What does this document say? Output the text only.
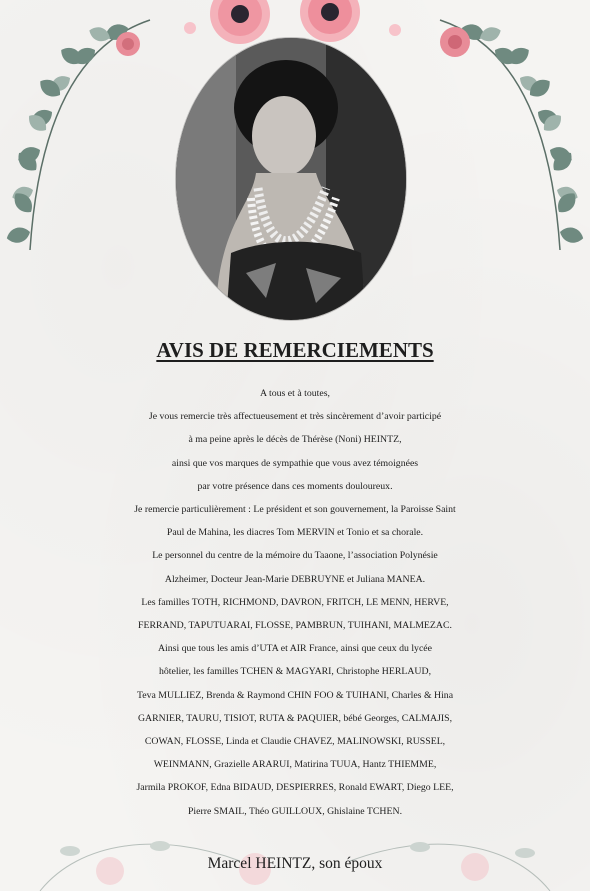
AVIS DE REMERCIEMENTS
A tous et à toutes,
Je vous remercie très affectueusement et très sincèrement d’avoir participé
à ma peine après le décès de Thérèse (Noni) HEINTZ,
ainsi que vos marques de sympathie que vous avez témoignées
par votre présence dans ces moments douloureux.
Je remercie particulièrement : Le président et son gouvernement, la Paroisse Saint
Paul de Mahina, les diacres Tom MERVIN et Tonio et sa chorale.
Le personnel du centre de la mémoire du Taaone, l’association Polynésie
Alzheimer, Docteur Jean-Marie DEBRUYNE et Juliana MANEA.
Les familles TOTH, RICHMOND, DAVRON, FRITCH, LE MENN, HERVE,
FERRAND, TAPUTUARAI, FLOSSE, PAMBRUN, TUIHANI, MALMEZAC.
Ainsi que tous les amis d’UTA et AIR France, ainsi que ceux du lycée
hôtelier, les familles TCHEN & MAGYARI, Christophe HERLAUD,
Teva MULLIEZ, Brenda & Raymond CHIN FOO & TUIHANI, Charles & Hina
GARNIER, TAURU, TISIOT, RUTA & PAQUIER, bébé Georges, CALMAJIS,
COWAN, FLOSSE, Linda et Claudie CHAVEZ, MALINOWSKI, RUSSEL,
WEINMANN, Grazielle ARARUI, Matirina TUUA, Hantz THIEMME,
Jarmila PROKOF, Edna BIDAUD, DESPIERRES, Ronald EWART, Diego LEE,
Pierre SMAIL, Théo GUILLOUX, Ghislaine TCHEN.
Marcel HEINTZ, son époux
